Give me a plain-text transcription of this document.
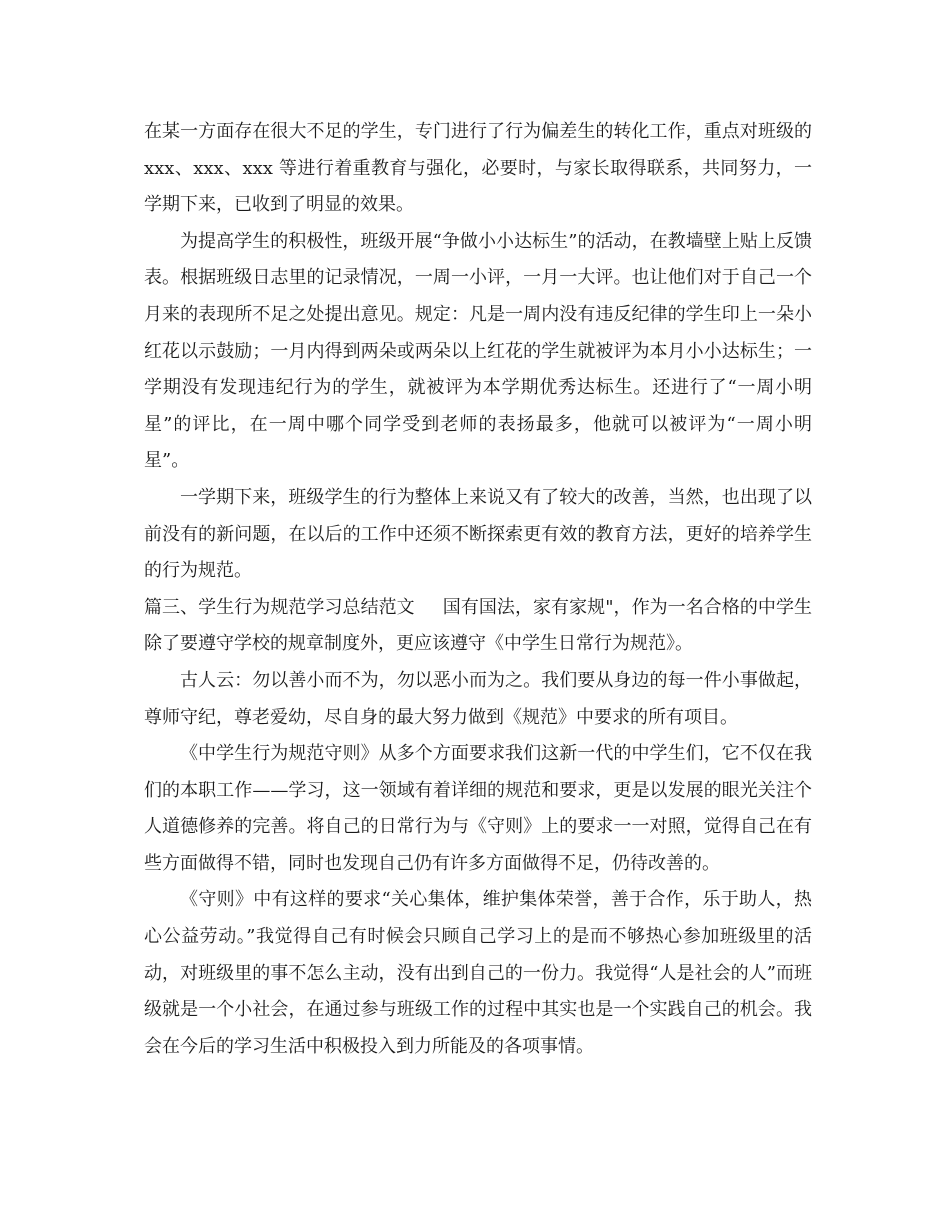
在某一方面存在很大不足的学生，专门进行了行为偏差生的转化工作，重点对班级的 xxx、xxx、xxx 等进行着重教育与强化，必要时，与家长取得联系，共同努力，一学期下来，已收到了明显的效果。

为提高学生的积极性，班级开展“争做小小达标生”的活动，在教墙壁上贴上反馈表。根据班级日志里的记录情况，一周一小评，一月一大评。也让他们对于自己一个月来的表现所不足之处提出意见。规定：凡是一周内没有违反纪律的学生印上一朵小红花以示鼓励；一月内得到两朵或两朵以上红花的学生就被评为本月小小达标生；一学期没有发现违纪行为的学生，就被评为本学期优秀达标生。还进行了“一周小明星”的评比，在一周中哪个同学受到老师的表扬最多，他就可以被评为“一周小明星”。

一学期下来，班级学生的行为整体上来说又有了较大的改善，当然，也出现了以前没有的新问题，在以后的工作中还须不断探索更有效的教育方法，更好的培养学生的行为规范。

篇三、学生行为规范学习总结范文 国有国法，家有家规"，作为一名合格的中学生除了要遵守学校的规章制度外，更应该遵守《中学生日常行为规范》。

古人云：勿以善小而不为，勿以恶小而为之。我们要从身边的每一件小事做起，尊师守纪，尊老爱幼，尽自身的最大努力做到《规范》中要求的所有项目。

《中学生行为规范守则》从多个方面要求我们这新一代的中学生们，它不仅在我们的本职工作——学习，这一领域有着详细的规范和要求，更是以发展的眼光关注个人道德修养的完善。将自己的日常行为与《守则》上的要求一一对照，觉得自己在有些方面做得不错，同时也发现自己仍有许多方面做得不足，仍待改善的。

《守则》中有这样的要求“关心集体，维护集体荣誉，善于合作，乐于助人，热心公益劳动。”我觉得自己有时候会只顾自己学习上的是而不够热心参加班级里的活动，对班级里的事不怎么主动，没有出到自己的一份力。我觉得“人是社会的人”而班级就是一个小社会，在通过参与班级工作的过程中其实也是一个实践自己的机会。我会在今后的学习生活中积极投入到力所能及的各项事情。
